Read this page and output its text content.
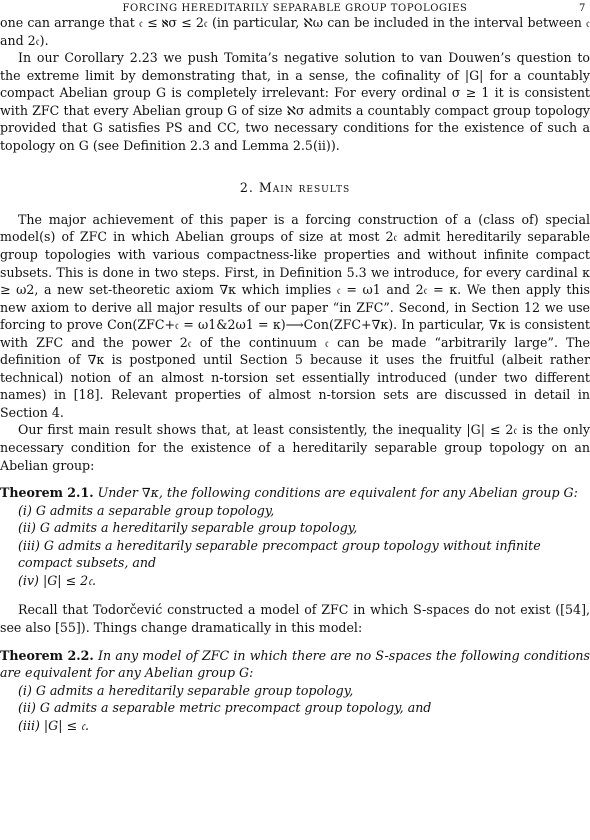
FORCING HEREDITARILY SEPARABLE GROUP TOPOLOGIES	7

one can arrange that 𝔠 ≤ ℵσ ≤ 2𝔠 (in particular, ℵω can be included in the interval between 𝔠 and 2𝔠).

In our Corollary 2.23 we push Tomita’s negative solution to van Douwen’s question to the extreme limit by demonstrating that, in a sense, the cofinality of |G| for a countably compact Abelian group G is completely irrelevant: For every ordinal σ ≥ 1 it is consistent with ZFC that every Abelian group G of size ℵσ admits a countably compact group topology provided that G satisfies PS and CC, two necessary conditions for the existence of such a topology on G (see Definition 2.3 and Lemma 2.5(ii)).

2. Main results

The major achievement of this paper is a forcing construction of a (class of) special model(s) of ZFC in which Abelian groups of size at most 2𝔠 admit hereditarily separable group topologies with various compactness-like properties and without infinite compact subsets. This is done in two steps. First, in Definition 5.3 we introduce, for every cardinal κ ≥ ω2, a new set-theoretic axiom ∇κ which implies 𝔠 = ω1 and 2𝔠 = κ. We then apply this new axiom to derive all major results of our paper “in ZFC”. Second, in Section 12 we use forcing to prove Con(ZFC+𝔠 = ω1&2ω1 = κ)⟶Con(ZFC+∇κ). In particular, ∇κ is consistent with ZFC and the power 2𝔠 of the continuum 𝔠 can be made “arbitrarily large”. The definition of ∇κ is postponed until Section 5 because it uses the fruitful (albeit rather technical) notion of an almost n-torsion set essentially introduced (under two different names) in [18]. Relevant properties of almost n-torsion sets are discussed in detail in Section 4.

Our first main result shows that, at least consistently, the inequality |G| ≤ 2𝔠 is the only necessary condition for the existence of a hereditarily separable group topology on an Abelian group:

Theorem 2.1. Under ∇κ, the following conditions are equivalent for any Abelian group G:

(i) G admits a separable group topology,
(ii) G admits a hereditarily separable group topology,
(iii) G admits a hereditarily separable precompact group topology without infinite compact subsets, and
(iv) |G| ≤ 2𝔠.

Recall that Todorčević constructed a model of ZFC in which S-spaces do not exist ([54], see also [55]). Things change dramatically in this model:

Theorem 2.2. In any model of ZFC in which there are no S-spaces the following conditions are equivalent for any Abelian group G:

(i) G admits a hereditarily separable group topology,
(ii) G admits a separable metric precompact group topology, and
(iii) |G| ≤ 𝔠.
